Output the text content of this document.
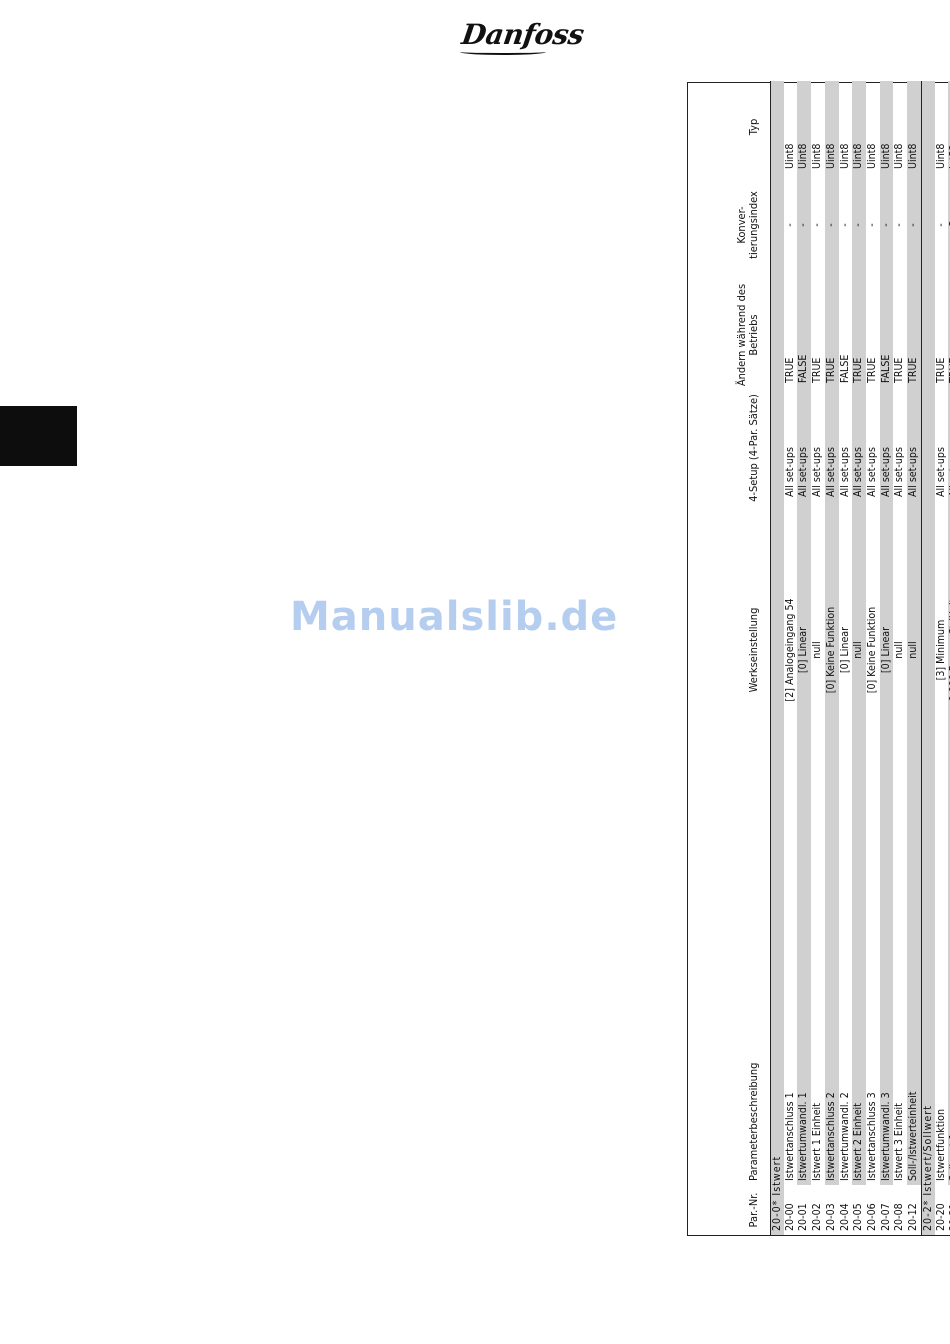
Danfoss
Par.-Nr.
Parameterbeschreibung
Werkseinstellung
4-Setup (4-Par. Sätze)
Ändern während des Betriebs
Konver-tierungsindex
Typ
20-0* Istwert 20-00
Istwertanschluss 1
[2] Analogeingang 54
All set-ups
TRUE
-
Uint8
20-01
Istwertumwandl. 1
[0] Linear
All set-ups
FALSE
-
Uint8
20-02
Istwert 1 Einheit
null
All set-ups
TRUE
-
Uint8
20-03
Istwertanschluss 2
[0] Keine Funktion
All set-ups
TRUE
-
Uint8
20-04
Istwertumwandl. 2
[0] Linear
All set-ups
FALSE
-
Uint8
20-05
Istwert 2 Einheit
null
All set-ups
TRUE
-
Uint8
20-06
Istwertanschluss 3
[0] Keine Funktion
All set-ups
TRUE
-
Uint8
20-07
Istwertumwandl. 3
[0] Linear
All set-ups
FALSE
-
Uint8
20-08
Istwert 3 Einheit
null
All set-ups
TRUE
-
Uint8
20-12
Soll-/Istwerteinheit
null
All set-ups
TRUE
-
Uint8
20-2* Istwert/Sollwert 20-20
Istwertfunktion
[3] Minimum
All set-ups
TRUE
-
Uint8
Manualslib.de
